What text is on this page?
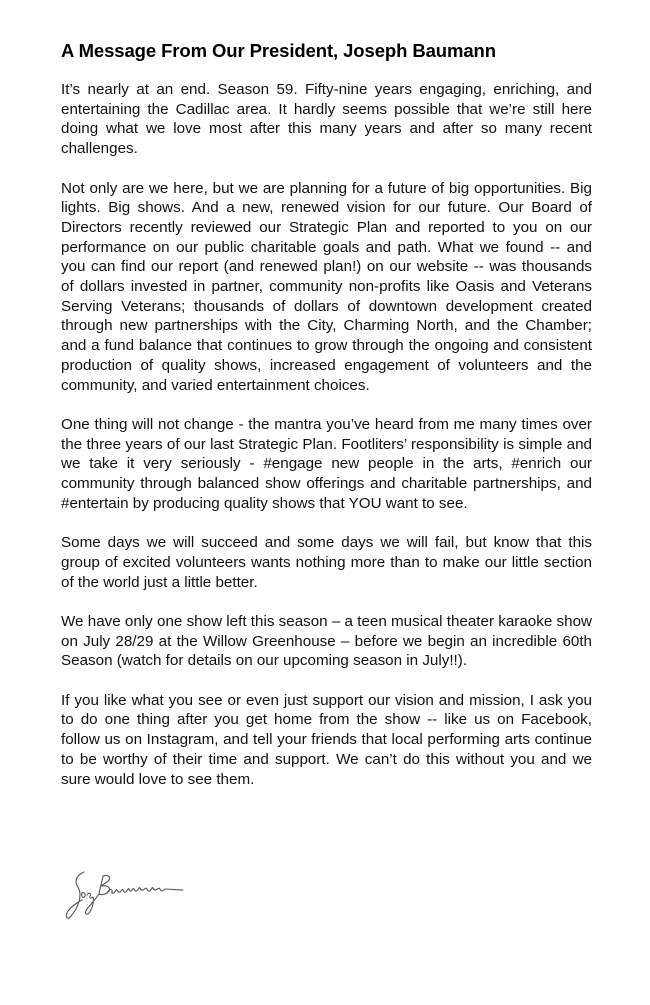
A Message From Our President, Joseph Baumann

It’s nearly at an end. Season 59. Fifty-nine years engaging, enriching, and entertaining the Cadillac area. It hardly seems possible that we’re still here doing what we love most after this many years and after so many recent challenges.

Not only are we here, but we are planning for a future of big opportunities. Big lights. Big shows. And a new, renewed vision for our future. Our Board of Directors recently reviewed our Strategic Plan and reported to you on our performance on our public charitable goals and path. What we found -- and you can find our report (and renewed plan!) on our website -- was thousands of dollars invested in partner, community non-profits like Oasis and Veterans Serving Veterans; thousands of dollars of downtown development created through new partnerships with the City, Charming North, and the Chamber; and a fund balance that continues to grow through the ongoing and consistent production of quality shows, increased engagement of volunteers and the community, and varied entertainment choices.

One thing will not change - the mantra you’ve heard from me many times over the three years of our last Strategic Plan. Footliters’ responsibility is simple and we take it very seriously - #engage new people in the arts, #enrich our community through balanced show offerings and charitable partnerships, and #entertain by producing quality shows that YOU want to see.

Some days we will succeed and some days we will fail, but know that this group of excited volunteers wants nothing more than to make our little section of the world just a little better.

We have only one show left this season – a teen musical theater karaoke show on July 28/29 at the Willow Greenhouse – before we begin an incredible 60th Season (watch for details on our upcoming season in July!!).

If you like what you see or even just support our vision and mission, I ask you to do one thing after you get home from the show -- like us on Facebook, follow us on Instagram, and tell your friends that local performing arts continue to be worthy of their time and support. We can’t do this without you and we sure would love to see them.
